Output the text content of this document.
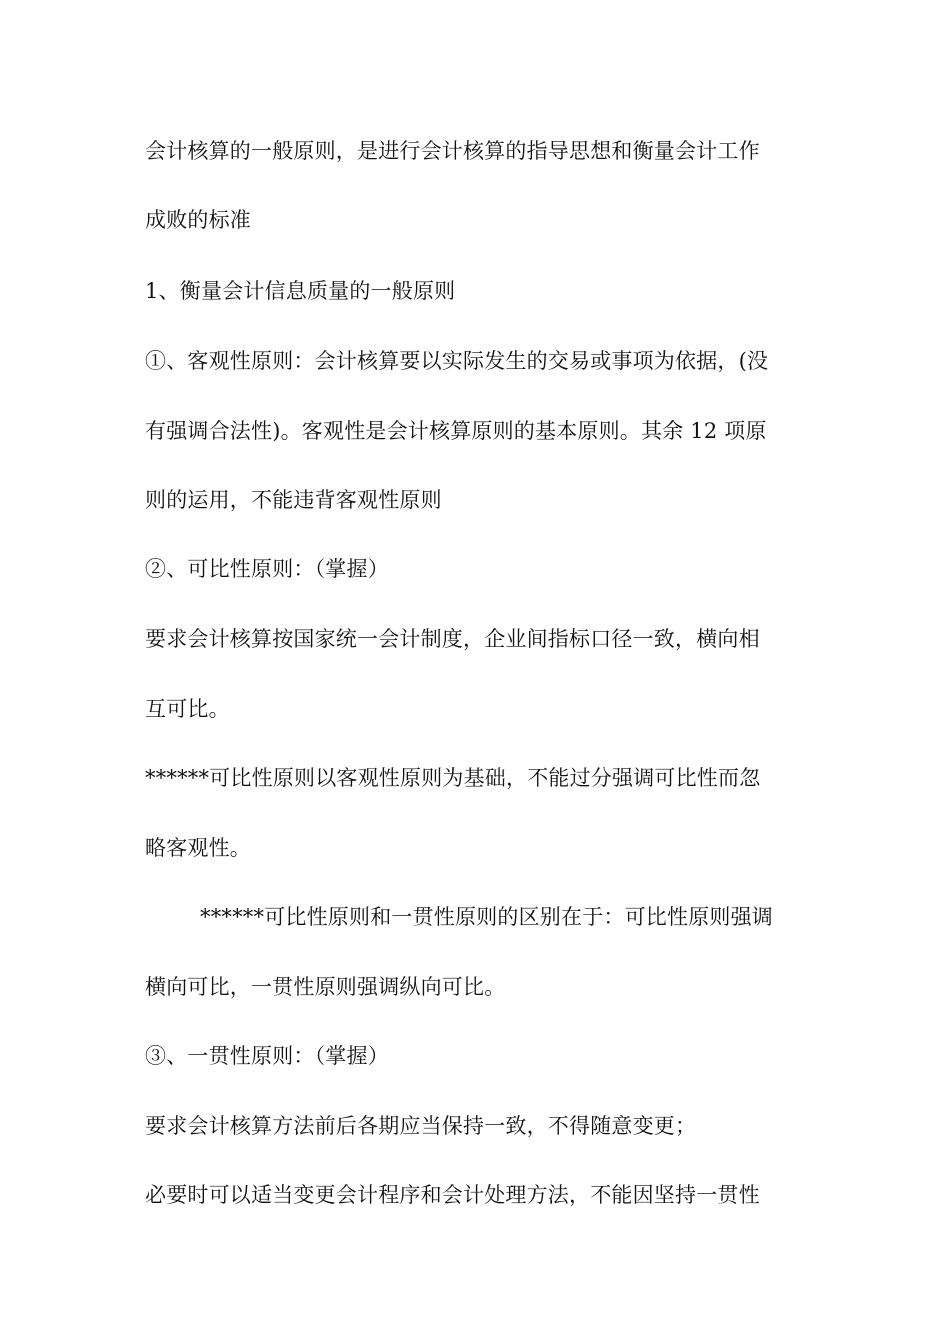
会计核算的一般原则，是进行会计核算的指导思想和衡量会计工作
成败的标准
1、衡量会计信息质量的一般原则
①、客观性原则：会计核算要以实际发生的交易或事项为依据，(没
有强调合法性)。客观性是会计核算原则的基本原则。其余 12 项原
则的运用，不能违背客观性原则
②、可比性原则：（掌握）
要求会计核算按国家统一会计制度，企业间指标口径一致，横向相
互可比。
******可比性原则以客观性原则为基础，不能过分强调可比性而忽
略客观性。
******可比性原则和一贯性原则的区别在于：可比性原则强调
横向可比，一贯性原则强调纵向可比。
③、一贯性原则：（掌握）
要求会计核算方法前后各期应当保持一致，不得随意变更；
必要时可以适当变更会计程序和会计处理方法，不能因坚持一贯性
